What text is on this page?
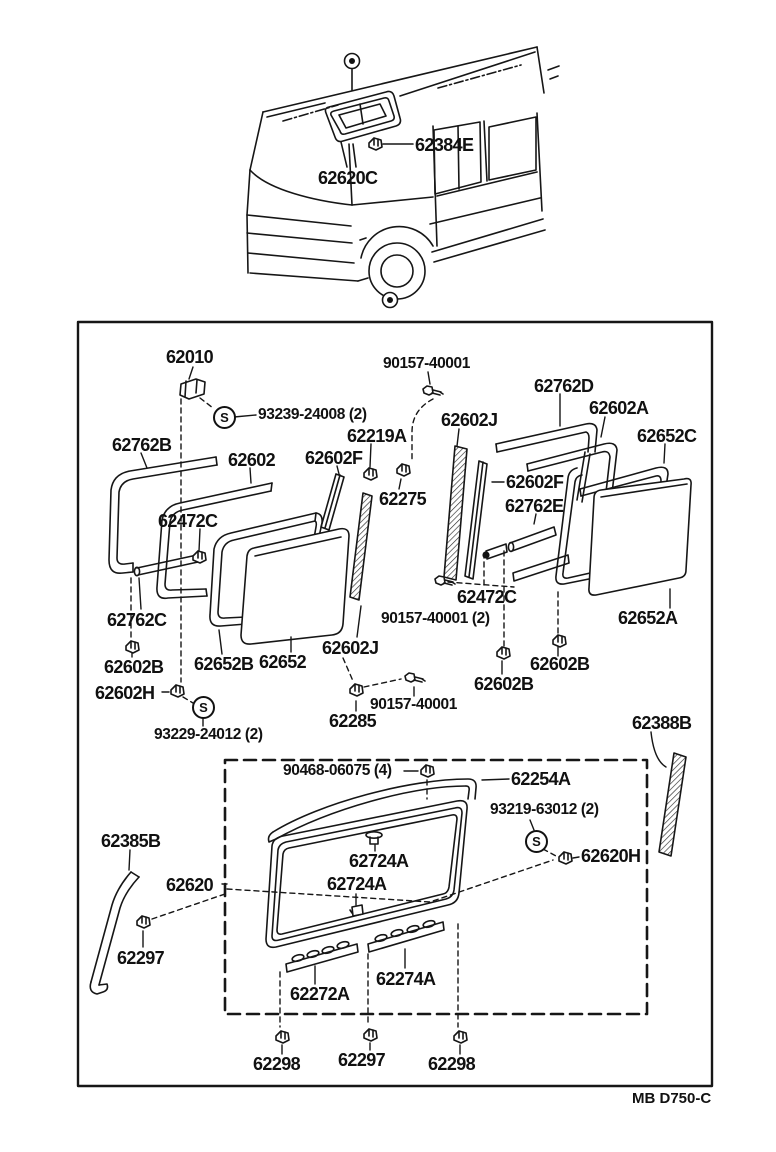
62384E
62620C
62010
93239-24008 (2)
90157-40001
62762B
62602 62602F
62219A
62275
62472C
62602J
62762D
62602A
62652C
62602F
62762E
62472C
90157-40001 (2)	62652A
62762C
62602B 62652B 62652
62602J
62602H
93229-24012 (2)
62285
90157-40001
62602B
62602B
62388B
90468-06075 (4)	62254A
93219-63012 (2)
62620H
62724A
62724A
62620
62385B
62297
62272A
62274A
62298 62297 62298
MB D750-C
S
S
S
